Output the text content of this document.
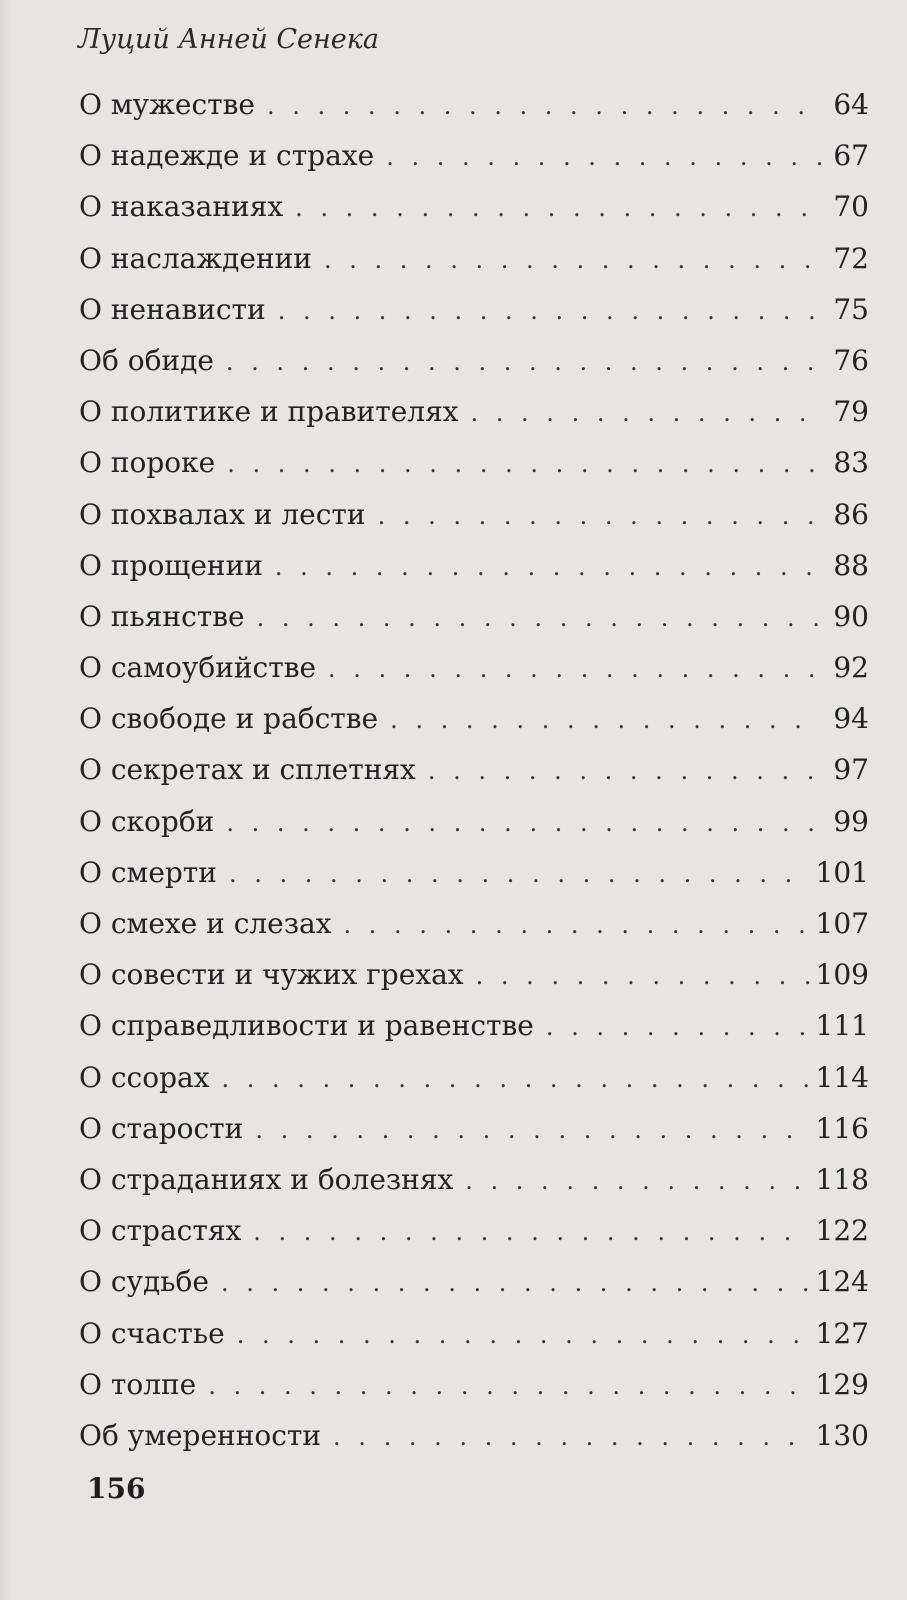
Луций Анней Сенека
О мужестве . . .	64
О надежде и страхе . . .	67
О наказаниях . . .	70
О наслаждении . . .	72
О ненависти . . .	75
Об обиде . . .	76
О политике и правителях . . .	79
О пороке . . .	83
О похвалах и лести . . .	86
О прощении . . .	88
О пьянстве . . .	90
О самоубийстве . . .	92
О свободе и рабстве . . .	94
О секретах и сплетнях . . .	97
О скорби . . .	99
О смерти . . .	101
О смехе и слезах . . .	107
О совести и чужих грехах . . .	109
О справедливости и равенстве . . .	111
О ссорах . . .	114
О старости . . .	116
О страданиях и болезнях . . .	118
О страстях . . .	122
О судьбе . . .	124
О счастье . . .	127
О толпе . . .	129
Об умеренности . . .	130
156
